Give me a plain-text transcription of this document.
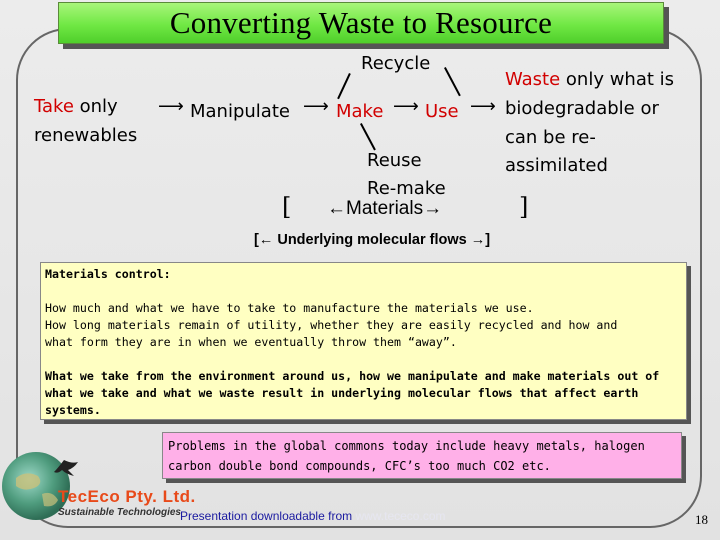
Converting Waste to Resource
Take only
renewables
⟶ Manipulate ⟶ Make ⟶ Use ⟶
Recycle
Reuse
Re-make
[ ←Materials→	]
Waste only what is
biodegradable or
can be re-
assimilated
[← Underlying molecular flows →]

Materials control:

How much and what we have to take to manufacture the materials we use.

How long materials remain of utility, whether they are easily recycled and how and

what form they are in when we eventually throw them “away”.

What we take from the environment around us, how we manipulate and make materials out of

what we take and what we waste result in underlying molecular flows that affect earth systems.

Problems in the global commons today include heavy metals, halogen
carbon double bond compounds, CFC’s too much CO2 etc.
TecEco Pty. Ltd.
Sustainable Technologies Presentation downloadable from www.tececo.com	18
